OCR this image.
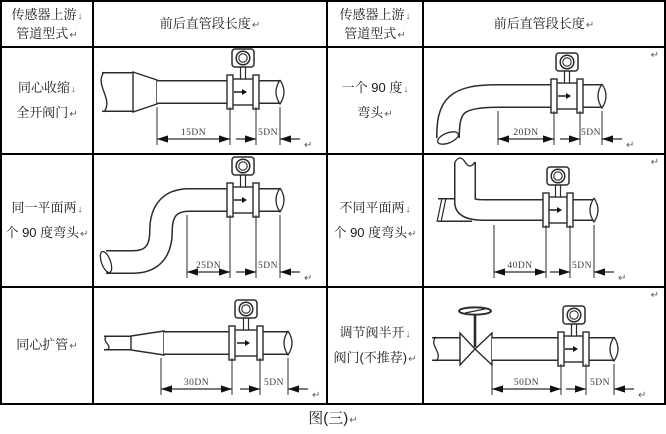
传感器上游↓
管道型式↵
前后直管段长度↵
传感器上游↓
管道型式↵
前后直管段长度↵
同心收缩↓
全开阀门↵
15DN	5DN
↵
一个 90 度↓
弯头↵
20DN	5DN
↵
↵
同一平面两↓
个 90 度弯头↵
25DN	5DN
↵
不同平面两↓
个 90 度弯头↵
40DN	5DN
↵
↵
同心扩管↵
30DN	5DN
↵
调节阀半开↓
阀门(不推荐)↵
50DN	5DN
↵
↵
图(三)↵
